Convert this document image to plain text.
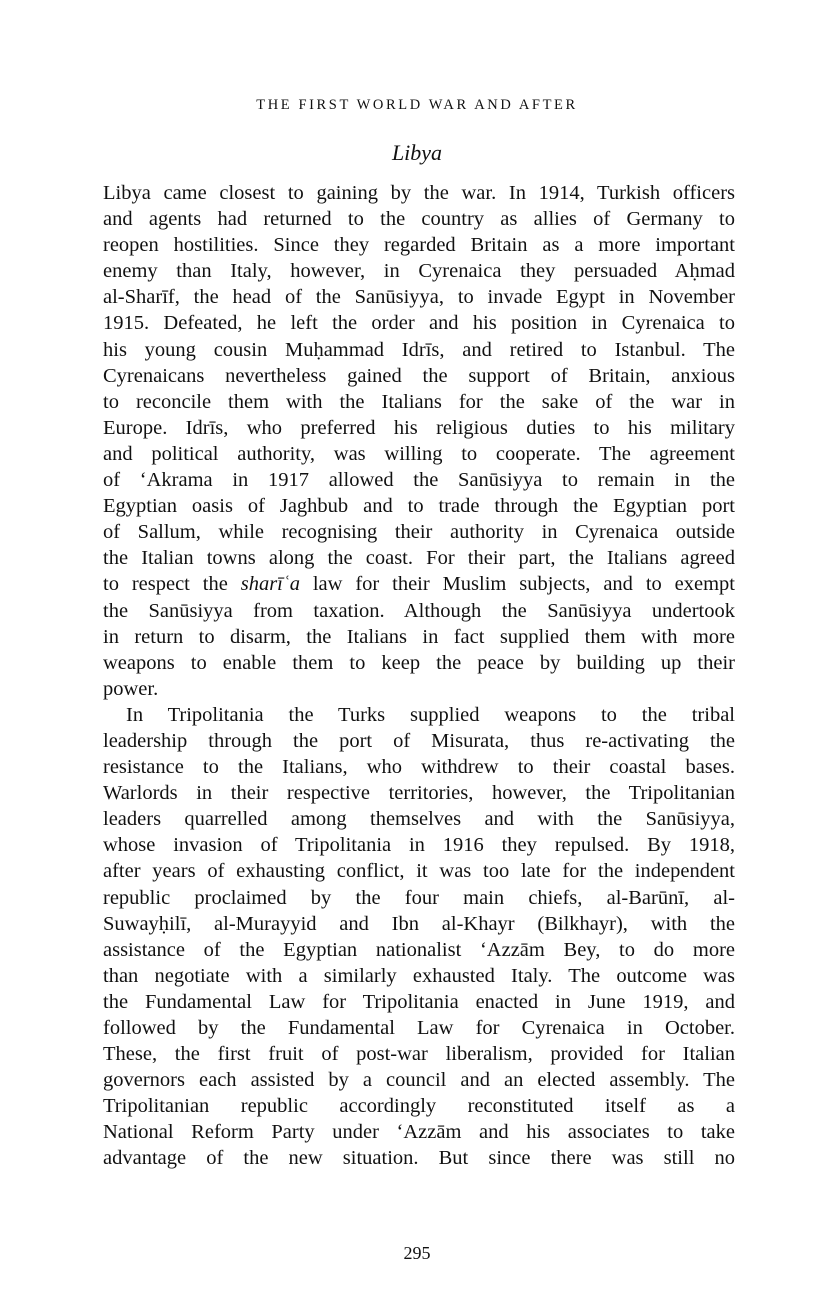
THE FIRST WORLD WAR AND AFTER
Libya
Libya came closest to gaining by the war. In 1914, Turkish officers
and agents had returned to the country as allies of Germany to
reopen hostilities. Since they regarded Britain as a more important
enemy than Italy, however, in Cyrenaica they persuaded Aḥmad
al-Sharīf, the head of the Sanūsiyya, to invade Egypt in November
1915. Defeated, he left the order and his position in Cyrenaica to
his young cousin Muḥammad Idrīs, and retired to Istanbul. The
Cyrenaicans nevertheless gained the support of Britain, anxious
to reconcile them with the Italians for the sake of the war in
Europe. Idrīs, who preferred his religious duties to his military
and political authority, was willing to cooperate. The agreement
of ‘Akrama in 1917 allowed the Sanūsiyya to remain in the
Egyptian oasis of Jaghbub and to trade through the Egyptian port
of Sallum, while recognising their authority in Cyrenaica outside
the Italian towns along the coast. For their part, the Italians agreed
to respect the sharīʿa law for their Muslim subjects, and to exempt
the Sanūsiyya from taxation. Although the Sanūsiyya undertook
in return to disarm, the Italians in fact supplied them with more
weapons to enable them to keep the peace by building up their
power.
In Tripolitania the Turks supplied weapons to the tribal
leadership through the port of Misurata, thus re-activating the
resistance to the Italians, who withdrew to their coastal bases.
Warlords in their respective territories, however, the Tripolitanian
leaders quarrelled among themselves and with the Sanūsiyya,
whose invasion of Tripolitania in 1916 they repulsed. By 1918,
after years of exhausting conflict, it was too late for the independent
republic proclaimed by the four main chiefs, al-Barūnī, al-
Suwayḥilī, al-Murayyid and Ibn al-Khayr (Bilkhayr), with the
assistance of the Egyptian nationalist ‘Azzām Bey, to do more
than negotiate with a similarly exhausted Italy. The outcome was
the Fundamental Law for Tripolitania enacted in June 1919, and
followed by the Fundamental Law for Cyrenaica in October.
These, the first fruit of post-war liberalism, provided for Italian
governors each assisted by a council and an elected assembly. The
Tripolitanian republic accordingly reconstituted itself as a
National Reform Party under ‘Azzām and his associates to take
advantage of the new situation. But since there was still no
295
